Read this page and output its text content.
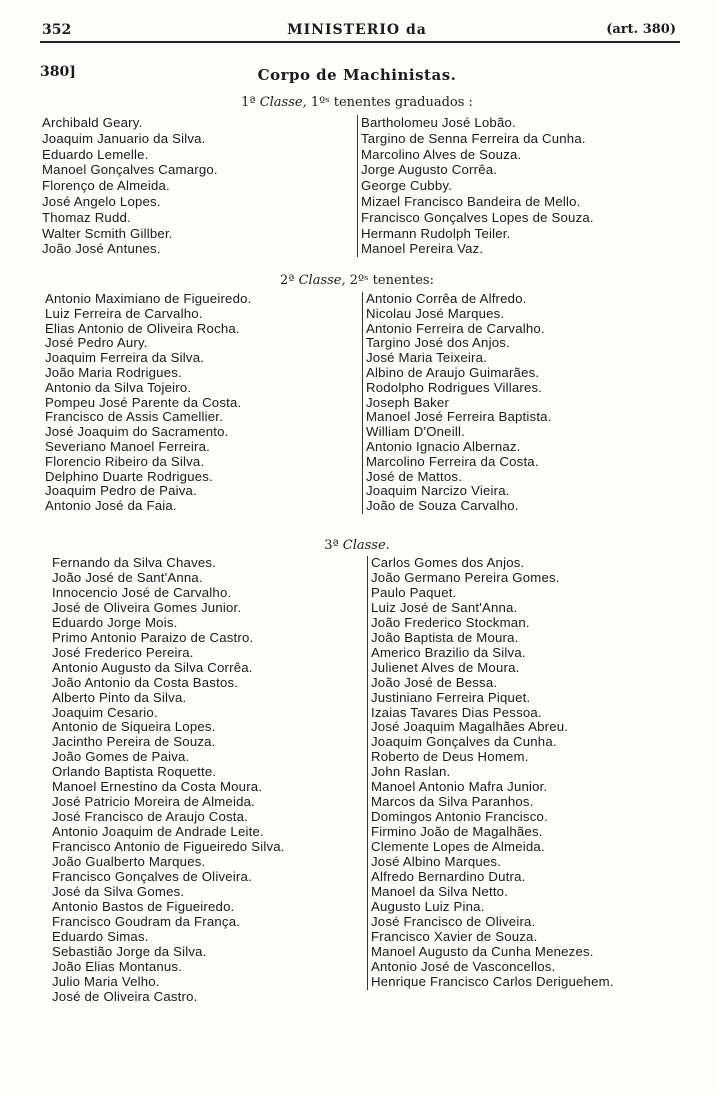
352	MINISTERIO da	(art. 380)
380]	Corpo de Machinistas.
1ª Classe, 1ºˢ tenentes graduados :
Archibald Geary.
Joaquim Januario da Silva.
Eduardo Lemelle.
Manoel Gonçalves Camargo.
Florenço de Almeida.
José Angelo Lopes.
Thomaz Rudd.
Walter Scmith Gillber.
João José Antunes.
Bartholomeu José Lobão.
Targino de Senna Ferreira da Cunha.
Marcolino Alves de Souza.
Jorge Augusto Corrêa.
George Cubby.
Mizael Francisco Bandeira de Mello.
Francisco Gonçalves Lopes de Souza.
Hermann Rudolph Teiler.
Manoel Pereira Vaz.
2ª Classe, 2ºˢ tenentes:
Antonio Maximiano de Figueiredo.
Luiz Ferreira de Carvalho.
Elias Antonio de Oliveira Rocha.
José Pedro Aury.
Joaquim Ferreira da Silva.
João Maria Rodrigues.
Antonio da Silva Tojeiro.
Pompeu José Parente da Costa.
Francisco de Assis Camellier.
José Joaquim do Sacramento.
Severiano Manoel Ferreira.
Florencio Ribeiro da Silva.
Delphino Duarte Rodrigues.
Joaquim Pedro de Paiva.
Antonio José da Faia.
Antonio Corrêa de Alfredo.
Nicolau José Marques.
Antonio Ferreira de Carvalho.
Targino José dos Anjos.
José Maria Teixeira.
Albino de Araujo Guimarães.
Rodolpho Rodrigues Villares.
Joseph Baker
Manoel José Ferreira Baptista.
William D'Oneill.
Antonio Ignacio Albernaz.
Marcolino Ferreira da Costa.
José de Mattos.
Joaquim Narcizo Vieira.
João de Souza Carvalho.
3ª Classe.
Fernando da Silva Chaves.
João José de Sant'Anna.
Innocencio José de Carvalho.
José de Oliveira Gomes Junior.
Eduardo Jorge Mois.
Primo Antonio Paraizo de Castro.
José Frederico Pereira.
Antonio Augusto da Silva Corrêa.
João Antonio da Costa Bastos.
Alberto Pinto da Silva.
Joaquim Cesario.
Antonio de Siqueira Lopes.
Jacintho Pereira de Souza.
João Gomes de Paiva.
Orlando Baptista Roquette.
Manoel Ernestino da Costa Moura.
José Patricio Moreira de Almeida.
José Francisco de Araujo Costa.
Antonio Joaquim de Andrade Leite.
Francisco Antonio de Figueiredo Silva.
João Gualberto Marques.
Francisco Gonçalves de Oliveira.
José da Silva Gomes.
Antonio Bastos de Figueiredo.
Francisco Goudram da França.
Eduardo Simas.
Sebastião Jorge da Silva.
João Elias Montanus.
Julio Maria Velho.
José de Oliveira Castro.
Carlos Gomes dos Anjos.
João Germano Pereira Gomes.
Paulo Paquet.
Luiz José de Sant'Anna.
João Frederico Stockman.
João Baptista de Moura.
Americo Brazilio da Silva.
Julienet Alves de Moura.
João José de Bessa.
Justiniano Ferreira Piquet.
Izaias Tavares Dias Pessoa.
José Joaquim Magalhães Abreu.
Joaquim Gonçalves da Cunha.
Roberto de Deus Homem.
John Raslan.
Manoel Antonio Mafra Junior.
Marcos da Silva Paranhos.
Domingos Antonio Francisco.
Firmino João de Magalhães.
Clemente Lopes de Almeida.
José Albino Marques.
Alfredo Bernardino Dutra.
Manoel da Silva Netto.
Augusto Luiz Pina.
José Francisco de Oliveira.
Francisco Xavier de Souza.
Manoel Augusto da Cunha Menezes.
Antonio José de Vasconcellos.
Henrique Francisco Carlos Deriguehem.
